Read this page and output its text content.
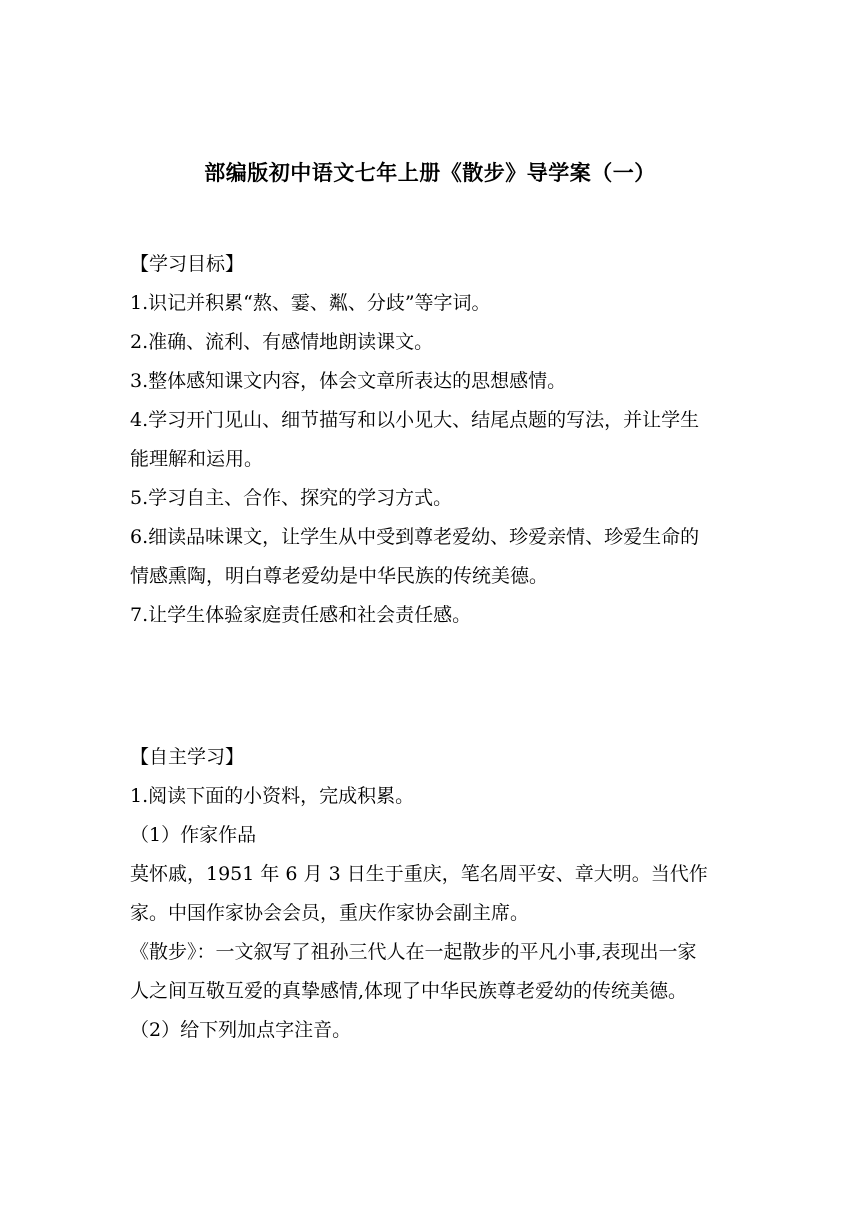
部编版初中语文七年上册《散步》导学案（一）
【学习目标】
1.识记并积累“熬、霎、粼、分歧”等字词。
2.准确、流利、有感情地朗读课文。
3.整体感知课文内容，体会文章所表达的思想感情。
4.学习开门见山、细节描写和以小见大、结尾点题的写法，并让学生
能理解和运用。
5.学习自主、合作、探究的学习方式。
6.细读品味课文，让学生从中受到尊老爱幼、珍爱亲情、珍爱生命的
情感熏陶，明白尊老爱幼是中华民族的传统美德。
7.让学生体验家庭责任感和社会责任感。
【自主学习】
1.阅读下面的小资料，完成积累。
（1）作家作品
莫怀戚，1951 年 6 月 3 日生于重庆，笔名周平安、章大明。当代作
家。中国作家协会会员，重庆作家协会副主席。
《散步》：一文叙写了祖孙三代人在一起散步的平凡小事,表现出一家
人之间互敬互爱的真挚感情,体现了中华民族尊老爱幼的传统美德。
（2）给下列加点字注音。
